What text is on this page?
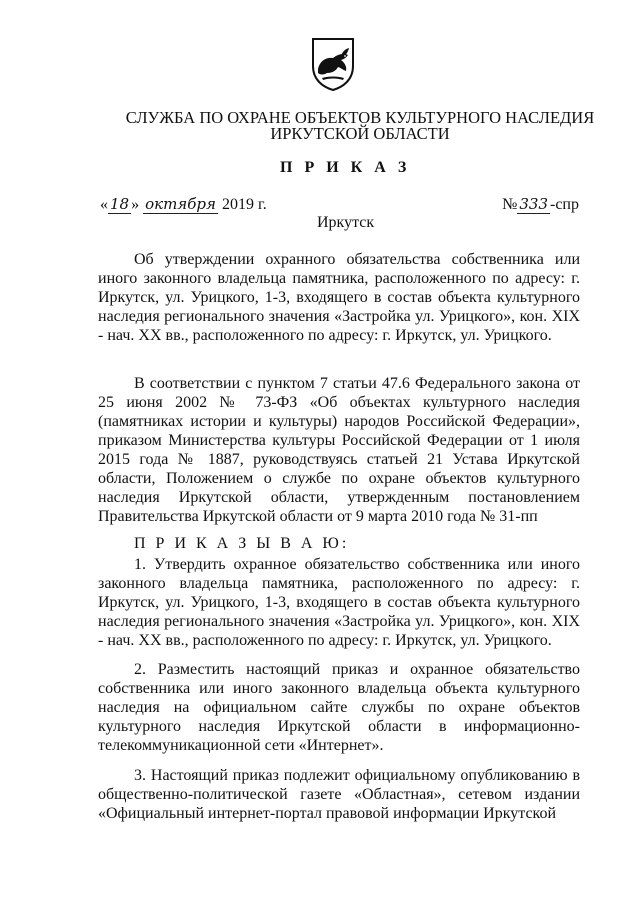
СЛУЖБА ПО ОХРАНЕ ОБЪЕКТОВ КУЛЬТУРНОГО НАСЛЕДИЯ
ИРКУТСКОЙ ОБЛАСТИ
П Р И К А З
« 18 » октября 2019 г.	№ 333 -спр
Иркутск
Об утверждении охранного обязательства собственника или иного законного владельца памятника, расположенного по адресу: г. Иркутск, ул. Урицкого, 1-3, входящего в состав объекта культурного наследия регионального значения «Застройка ул. Урицкого», кон. XIX - нач. XX вв., расположенного по адресу: г. Иркутск, ул. Урицкого.
В соответствии с пунктом 7 статьи 47.6 Федерального закона от 25 июня 2002 № 73-ФЗ «Об объектах культурного наследия (памятниках истории и культуры) народов Российской Федерации», приказом Министерства культуры Российской Федерации от 1 июля 2015 года № 1887, руководствуясь статьей 21 Устава Иркутской области, Положением о службе по охране объектов культурного наследия Иркутской области, утвержденным постановлением Правительства Иркутской области от 9 марта 2010 года № 31-пп
П Р И К А З Ы В А Ю:
1. Утвердить охранное обязательство собственника или иного законного владельца памятника, расположенного по адресу: г. Иркутск, ул. Урицкого, 1-3, входящего в состав объекта культурного наследия регионального значения «Застройка ул. Урицкого», кон. XIX - нач. XX вв., расположенного по адресу: г. Иркутск, ул. Урицкого.
2. Разместить настоящий приказ и охранное обязательство собственника или иного законного владельца объекта культурного наследия на официальном сайте службы по охране объектов культурного наследия Иркутской области в информационно-телекоммуникационной сети «Интернет».
3. Настоящий приказ подлежит официальному опубликованию в общественно-политической газете «Областная», сетевом издании «Официальный интернет-портал правовой информации Иркутской
